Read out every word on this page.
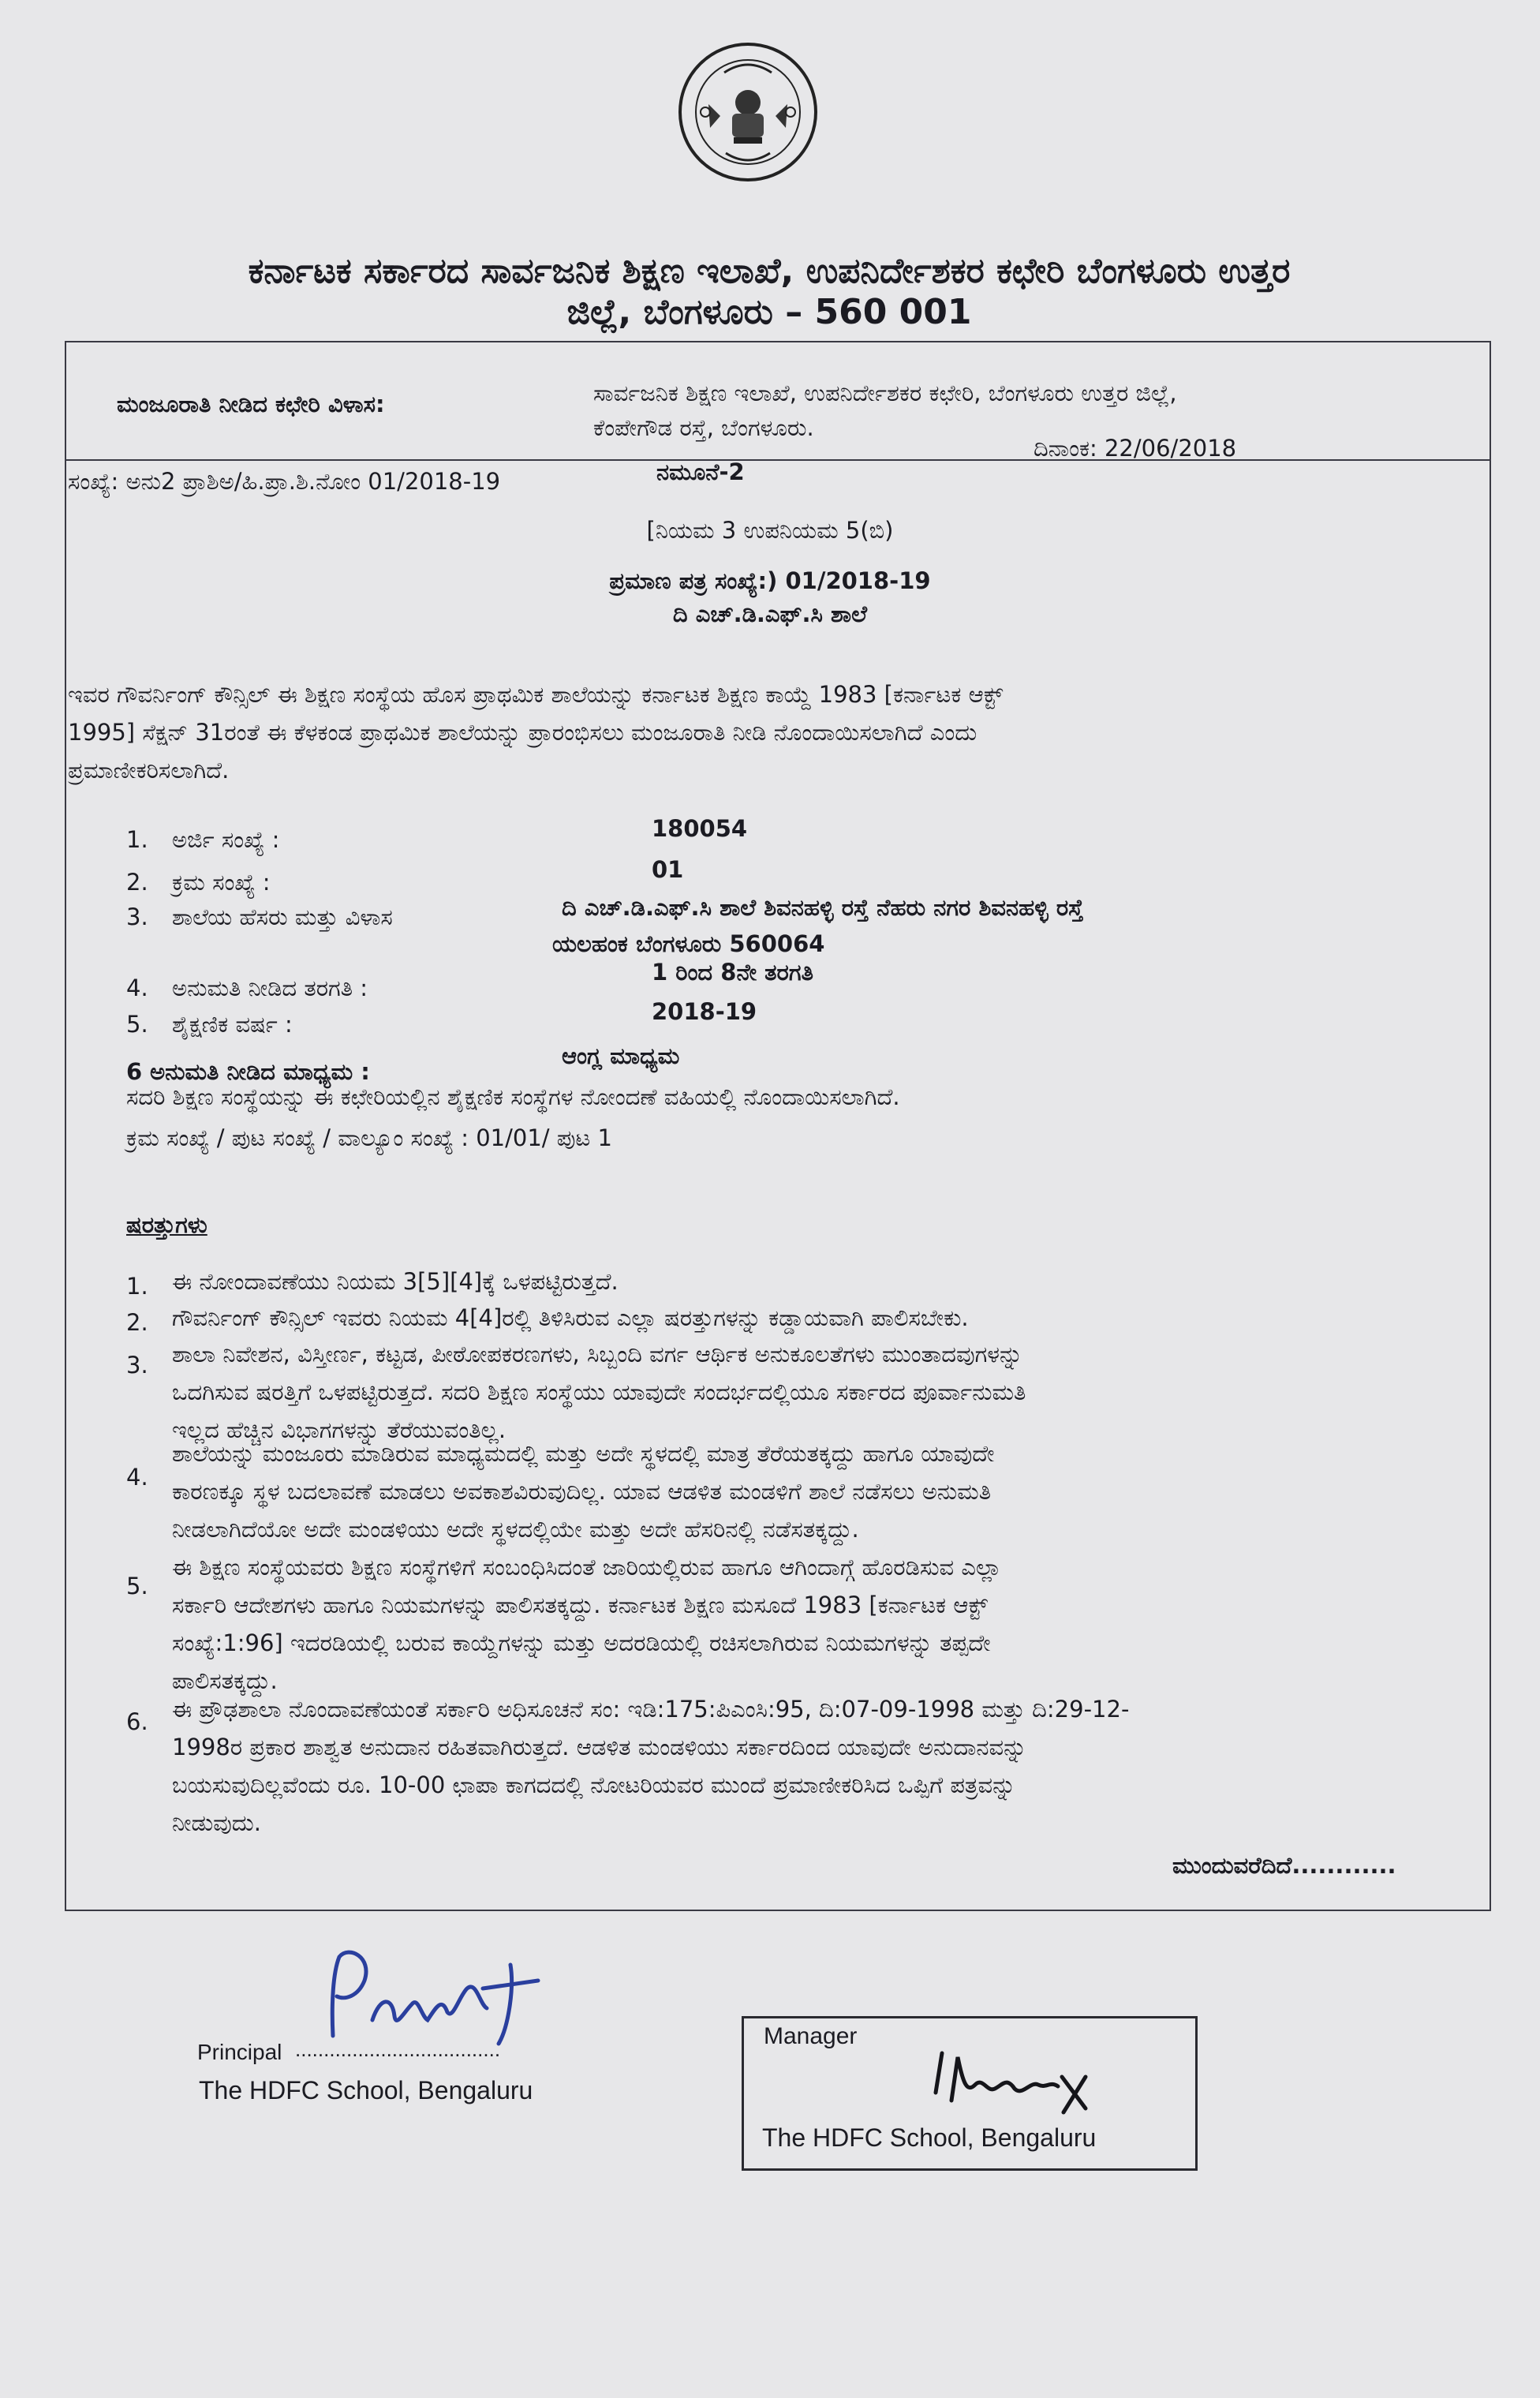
ಕರ್ನಾಟಕ ಸರ್ಕಾರದ ಸಾರ್ವಜನಿಕ ಶಿಕ್ಷಣ ಇಲಾಖೆ, ಉಪನಿರ್ದೇಶಕರ ಕಛೇರಿ ಬೆಂಗಳೂರು ಉತ್ತರ
ಜಿಲ್ಲೆ, ಬೆಂಗಳೂರು – 560 001
ಮಂಜೂರಾತಿ ನೀಡಿದ ಕಛೇರಿ ವಿಳಾಸ:	ಸಾರ್ವಜನಿಕ ಶಿಕ್ಷಣ ಇಲಾಖೆ, ಉಪನಿರ್ದೇಶಕರ ಕಛೇರಿ, ಬೆಂಗಳೂರು ಉತ್ತರ ಜಿಲ್ಲೆ,
ಕೆಂಪೇಗೌಡ ರಸ್ತೆ, ಬೆಂಗಳೂರು.
ಸಂಖ್ಯೆ: ಅನು2 ಪ್ರಾಶಿಅ/ಹಿ.ಪ್ರಾ.ಶಿ.ನೋಂ 01/2018-19	ನಮೂನೆ-2
ದಿನಾಂಕ: 22/06/2018
[ನಿಯಮ 3 ಉಪನಿಯಮ 5(ಬಿ)
ಪ್ರಮಾಣ ಪತ್ರ ಸಂಖ್ಯೆ:) 01/2018-19
ದಿ ಎಚ್.ಡಿ.ಎಫ್.ಸಿ ಶಾಲೆ
ಇವರ ಗೌವರ್ನಿಂಗ್ ಕೌನ್ಸಿಲ್ ಈ ಶಿಕ್ಷಣ ಸಂಸ್ಥೆಯ ಹೊಸ ಪ್ರಾಥಮಿಕ ಶಾಲೆಯನ್ನು ಕರ್ನಾಟಕ ಶಿಕ್ಷಣ ಕಾಯ್ದೆ 1983 [ಕರ್ನಾಟಕ ಆಕ್ಟ್
1995] ಸೆಕ್ಷನ್ 31ರಂತೆ ಈ ಕೆಳಕಂಡ ಪ್ರಾಥಮಿಕ ಶಾಲೆಯನ್ನು ಪ್ರಾರಂಭಿಸಲು ಮಂಜೂರಾತಿ ನೀಡಿ ನೊಂದಾಯಿಸಲಾಗಿದೆ ಎಂದು
ಪ್ರಮಾಣೀಕರಿಸಲಾಗಿದೆ.
1. ಅರ್ಜಿ ಸಂಖ್ಯೆ :	180054
2. ಕ್ರಮ ಸಂಖ್ಯೆ :	01
3. ಶಾಲೆಯ ಹೆಸರು ಮತ್ತು ವಿಳಾಸ	ದಿ ಎಚ್.ಡಿ.ಎಫ್.ಸಿ ಶಾಲೆ ಶಿವನಹಳ್ಳಿ ರಸ್ತೆ ನೆಹರು ನಗರ ಶಿವನಹಳ್ಳಿ ರಸ್ತೆ
ಯಲಹಂಕ ಬೆಂಗಳೂರು 560064
4. ಅನುಮತಿ ನೀಡಿದ ತರಗತಿ :
1 ರಿಂದ 8ನೇ ತರಗತಿ
5. ಶೈಕ್ಷಣಿಕ ವರ್ಷ :	2018-19
6 ಅನುಮತಿ ನೀಡಿದ ಮಾಧ್ಯಮ :
ಆಂಗ್ಲ ಮಾಧ್ಯಮ
ಸದರಿ ಶಿಕ್ಷಣ ಸಂಸ್ಥೆಯನ್ನು ಈ ಕಛೇರಿಯಲ್ಲಿನ ಶೈಕ್ಷಣಿಕ ಸಂಸ್ಥೆಗಳ ನೋಂದಣೆ ವಹಿಯಲ್ಲಿ ನೊಂದಾಯಿಸಲಾಗಿದೆ.
ಕ್ರಮ ಸಂಖ್ಯೆ / ಪುಟ ಸಂಖ್ಯೆ / ವಾಲ್ಯೂಂ ಸಂಖ್ಯೆ : 01/01/ ಪುಟ 1
ಷರತ್ತುಗಳು
1. ಈ ನೋಂದಾವಣೆಯು ನಿಯಮ 3[5][4]ಕ್ಕೆ ಒಳಪಟ್ಟಿರುತ್ತದೆ.
2. ಗೌವರ್ನಿಂಗ್ ಕೌನ್ಸಿಲ್ ಇವರು ನಿಯಮ 4[4]ರಲ್ಲಿ ತಿಳಿಸಿರುವ ಎಲ್ಲಾ ಷರತ್ತುಗಳನ್ನು ಕಡ್ಡಾಯವಾಗಿ ಪಾಲಿಸಬೇಕು.
3. ಶಾಲಾ ನಿವೇಶನ, ವಿಸ್ತೀರ್ಣ, ಕಟ್ಟಡ, ಪೀಠೋಪಕರಣಗಳು, ಸಿಬ್ಬಂದಿ ವರ್ಗ ಆರ್ಥಿಕ ಅನುಕೂಲತೆಗಳು ಮುಂತಾದವುಗಳನ್ನು
ಒದಗಿಸುವ ಷರತ್ತಿಗೆ ಒಳಪಟ್ಟಿರುತ್ತದೆ. ಸದರಿ ಶಿಕ್ಷಣ ಸಂಸ್ಥೆಯು ಯಾವುದೇ ಸಂದರ್ಭದಲ್ಲಿಯೂ ಸರ್ಕಾರದ ಪೂರ್ವಾನುಮತಿ
ಇಲ್ಲದ ಹೆಚ್ಚಿನ ವಿಭಾಗಗಳನ್ನು ತೆರೆಯುವಂತಿಲ್ಲ.
4.
ಶಾಲೆಯನ್ನು ಮಂಜೂರು ಮಾಡಿರುವ ಮಾಧ್ಯಮದಲ್ಲಿ ಮತ್ತು ಅದೇ ಸ್ಥಳದಲ್ಲಿ ಮಾತ್ರ ತೆರೆಯತಕ್ಕದ್ದು ಹಾಗೂ ಯಾವುದೇ
ಕಾರಣಕ್ಕೂ ಸ್ಥಳ ಬದಲಾವಣೆ ಮಾಡಲು ಅವಕಾಶವಿರುವುದಿಲ್ಲ. ಯಾವ ಆಡಳಿತ ಮಂಡಳಿಗೆ ಶಾಲೆ ನಡೆಸಲು ಅನುಮತಿ
ನೀಡಲಾಗಿದೆಯೋ ಅದೇ ಮಂಡಳಿಯು ಅದೇ ಸ್ಥಳದಲ್ಲಿಯೇ ಮತ್ತು ಅದೇ ಹೆಸರಿನಲ್ಲಿ ನಡೆಸತಕ್ಕದ್ದು.
5.
ಈ ಶಿಕ್ಷಣ ಸಂಸ್ಥೆಯವರು ಶಿಕ್ಷಣ ಸಂಸ್ಥೆಗಳಿಗೆ ಸಂಬಂಧಿಸಿದಂತೆ ಜಾರಿಯಲ್ಲಿರುವ ಹಾಗೂ ಆಗಿಂದಾಗ್ಗೆ ಹೊರಡಿಸುವ ಎಲ್ಲಾ
ಸರ್ಕಾರಿ ಆದೇಶಗಳು ಹಾಗೂ ನಿಯಮಗಳನ್ನು ಪಾಲಿಸತಕ್ಕದ್ದು. ಕರ್ನಾಟಕ ಶಿಕ್ಷಣ ಮಸೂದೆ 1983 [ಕರ್ನಾಟಕ ಆಕ್ಟ್
ಸಂಖ್ಯೆ:1:96] ಇದರಡಿಯಲ್ಲಿ ಬರುವ ಕಾಯ್ದೆಗಳನ್ನು ಮತ್ತು ಅದರಡಿಯಲ್ಲಿ ರಚಿಸಲಾಗಿರುವ ನಿಯಮಗಳನ್ನು ತಪ್ಪದೇ
ಪಾಲಿಸತಕ್ಕದ್ದು.
6. ಈ ಪ್ರೌಢಶಾಲಾ ನೊಂದಾವಣೆಯಂತೆ ಸರ್ಕಾರಿ ಅಧಿಸೂಚನೆ ಸಂ: ಇಡಿ:175:ಪಿಎಂಸಿ:95, ದಿ:07-09-1998 ಮತ್ತು ದಿ:29-12-
1998ರ ಪ್ರಕಾರ ಶಾಶ್ವತ ಅನುದಾನ ರಹಿತವಾಗಿರುತ್ತದೆ. ಆಡಳಿತ ಮಂಡಳಿಯು ಸರ್ಕಾರದಿಂದ ಯಾವುದೇ ಅನುದಾನವನ್ನು
ಬಯಸುವುದಿಲ್ಲವೆಂದು ರೂ. 10-00 ಛಾಪಾ ಕಾಗದದಲ್ಲಿ ನೋಟರಿಯವರ ಮುಂದೆ ಪ್ರಮಾಣೀಕರಿಸಿದ ಒಪ್ಪಿಗೆ ಪತ್ರವನ್ನು
ನೀಡುವುದು.
ಮುಂದುವರೆದಿದೆ............
Principal ....................................
The HDFC School, Bengaluru
Manager
The HDFC School, Bengaluru
